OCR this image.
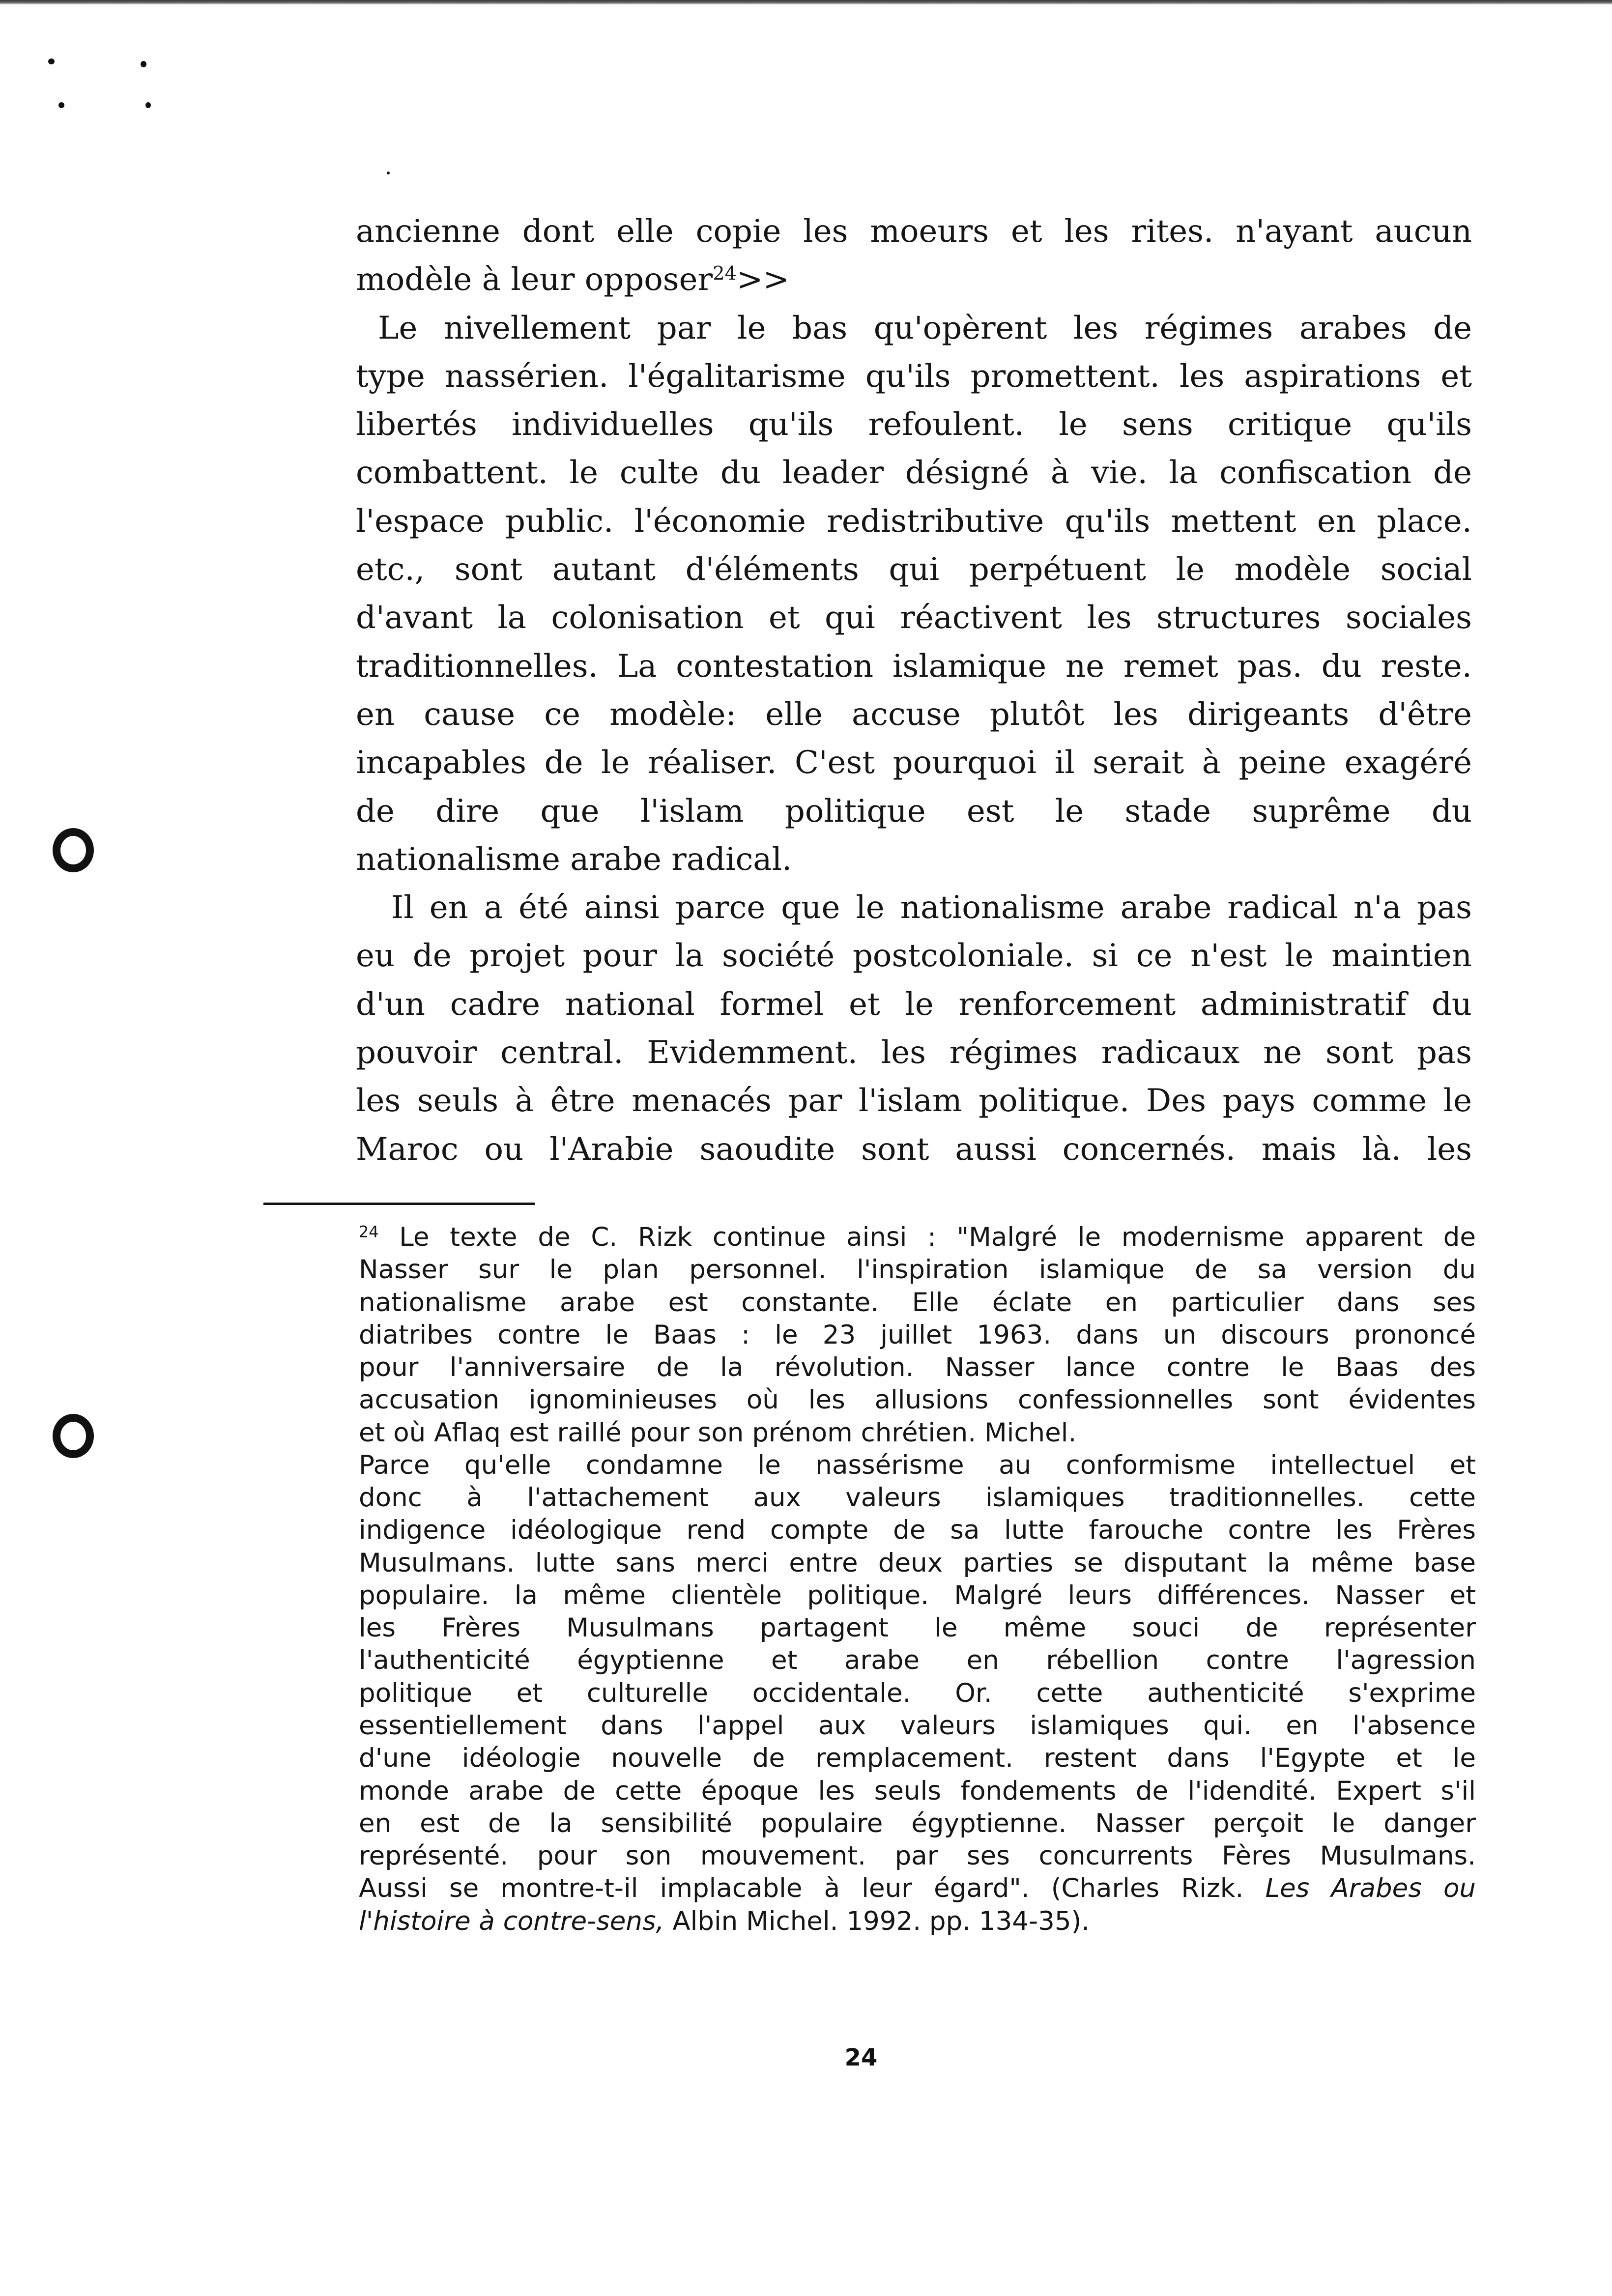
ancienne dont elle copie les moeurs et les rites. n'ayant aucun
modèle à leur opposer$^{24}$>>
Le nivellement par le bas qu'opèrent les régimes arabes de
type nassérien. l'égalitarisme qu'ils promettent. les aspirations et
libertés individuelles qu'ils refoulent. le sens critique qu'ils
combattent. le culte du leader désigné à vie. la confiscation de
l'espace public. l'économie redistributive qu'ils mettent en place.
etc., sont autant d'éléments qui perpétuent le modèle social
d'avant la colonisation et qui réactivent les structures sociales
traditionnelles. La contestation islamique ne remet pas. du reste.
en cause ce modèle: elle accuse plutôt les dirigeants d'être
incapables de le réaliser. C'est pourquoi il serait à peine exagéré
de dire que l'islam politique est le stade suprême du
nationalisme arabe radical.
Il en a été ainsi parce que le nationalisme arabe radical n'a pas
eu de projet pour la société postcoloniale. si ce n'est le maintien
d'un cadre national formel et le renforcement administratif du
pouvoir central. Evidemment. les régimes radicaux ne sont pas
les seuls à être menacés par l'islam politique. Des pays comme le
Maroc ou l'Arabie saoudite sont aussi concernés. mais là. les
$^{24}$ Le texte de C. Rizk continue ainsi : "Malgré le modernisme apparent de
Nasser sur le plan personnel. l'inspiration islamique de sa version du
nationalisme arabe est constante. Elle éclate en particulier dans ses
diatribes contre le Baas : le 23 juillet 1963. dans un discours prononcé
pour l'anniversaire de la révolution. Nasser lance contre le Baas des
accusation ignominieuses où les allusions confessionnelles sont évidentes
et où Aflaq est raillé pour son prénom chrétien. Michel.
Parce qu'elle condamne le nassérisme au conformisme intellectuel et
donc à l'attachement aux valeurs islamiques traditionnelles. cette
indigence idéologique rend compte de sa lutte farouche contre les Frères
Musulmans. lutte sans merci entre deux parties se disputant la même base
populaire. la même clientèle politique. Malgré leurs différences. Nasser et
les Frères Musulmans partagent le même souci de représenter
l'authenticité égyptienne et arabe en rébellion contre l'agression
politique et culturelle occidentale. Or. cette authenticité s'exprime
essentiellement dans l'appel aux valeurs islamiques qui. en l'absence
d'une idéologie nouvelle de remplacement. restent dans l'Egypte et le
monde arabe de cette époque les seuls fondements de l'idendité. Expert s'il
en est de la sensibilité populaire égyptienne. Nasser perçoit le danger
représenté. pour son mouvement. par ses concurrents Fères Musulmans.
Aussi se montre-t-il implacable à leur égard". (Charles Rizk. Les Arabes ou
l'histoire à contre-sens, Albin Michel. 1992. pp. 134-35).
24
